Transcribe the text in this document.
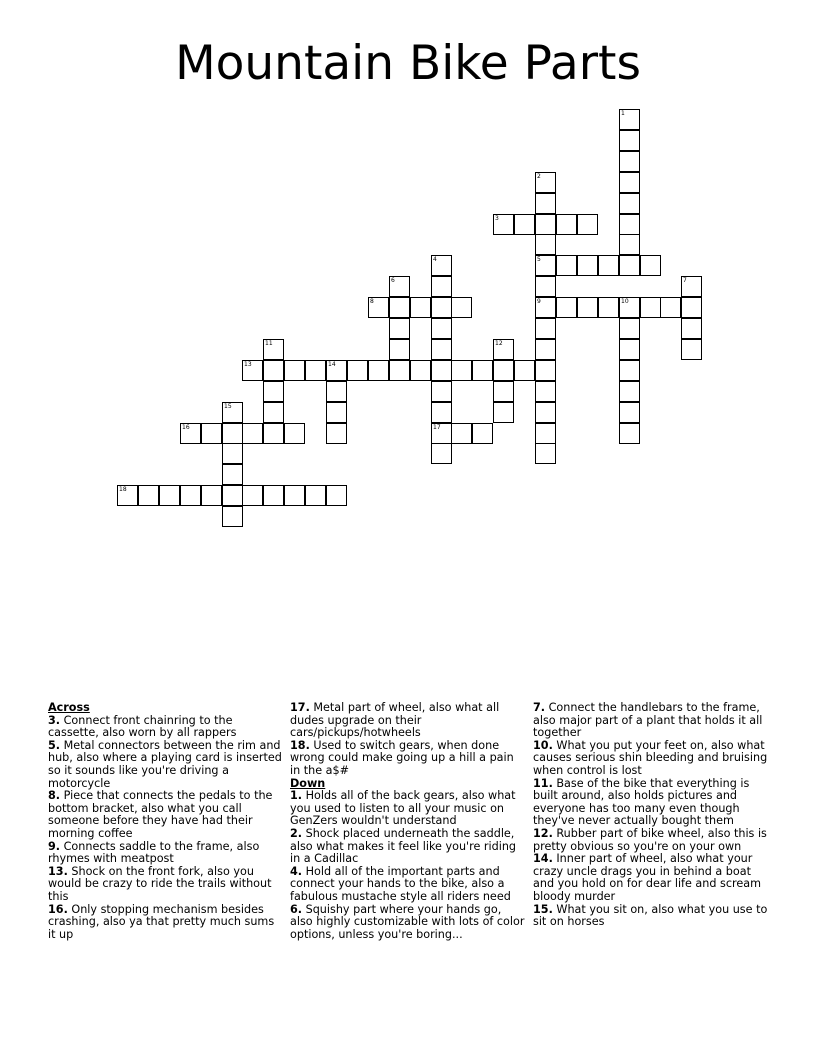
Mountain Bike Parts
1
2
5
9
3
4
17
6	7
8	10
11	12
13	14
15
16
18
Across
3. Connect front chainring to the cassette, also worn by all rappers
5. Metal connectors between the rim and hub, also where a playing card is inserted so it sounds like you're driving a motorcycle
8. Piece that connects the pedals to the bottom bracket, also what you call someone before they have had their morning coffee
9. Connects saddle to the frame, also rhymes with meatpost
13. Shock on the front fork, also you would be crazy to ride the trails without this
16. Only stopping mechanism besides crashing, also ya that pretty much sums it up
17. Metal part of wheel, also what all dudes upgrade on their cars/pickups/hotwheels
18. Used to switch gears, when done wrong could make going up a hill a pain in the a$#
Down
1. Holds all of the back gears, also what you used to listen to all your music on GenZers wouldn't understand
2. Shock placed underneath the saddle, also what makes it feel like you're riding in a Cadillac
4. Hold all of the important parts and connect your hands to the bike, also a fabulous mustache style all riders need
6. Squishy part where your hands go, also highly customizable with lots of color options, unless you're boring...
7. Connect the handlebars to the frame, also major part of a plant that holds it all together
10. What you put your feet on, also what causes serious shin bleeding and bruising when control is lost
11. Base of the bike that everything is built around, also holds pictures and everyone has too many even though they've never actually bought them
12. Rubber part of bike wheel, also this is pretty obvious so you're on your own
14. Inner part of wheel, also what your crazy uncle drags you in behind a boat and you hold on for dear life and scream bloody murder
15. What you sit on, also what you use to sit on horses
